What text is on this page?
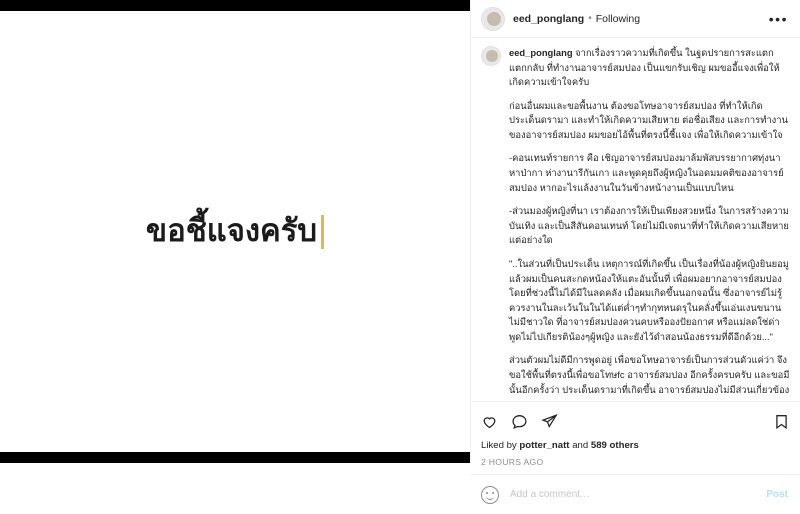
ขอชี้แจงครับ
eed_ponglang • Following	•••
eed_ponglang จากเรื่องราวความที่เกิดขึ้น ในฐดปรายการสะแตกแตกกลับ ที่ทำงานอาจารย์สมปอง เป็นแขกรับเชิญ ผมขออี้แจงเพื่อให้เกิดความเข้าใจครับ
ก่อนอื่นผมและขอพื้นงาน ต้องขอโทษอาจารย์สมปอง ที่ทำให้เกิดประเด็นดรามา และทำให้เกิดความเสียหาย ต่อชื่อเสียง และการทำงาน ของอาจารย์สมปอง ผมขอยไอ้พื้นที่ตรงนี้ชี้แจง เพื่อให้เกิดความเข้าใจ
-คอนเทนท์รายการ คือ เชิญอาจารย์สมปองมาล้มพัสบรรยากาศทุ่งนาหาป่ากา ห่างานารีกันเกา และพูดคุยถึงผู้หญิงในอดมมคติของอาจารย์สมปอง หากอะไรแล้งงานในวันข้างหน้างานเป็นแบบไหน
-ส่วนมองผู้หญิงที่นา เราต้องการให้เป็นเพียงสวยหนึ่ง ในการสร้างความบันเทิง และเป็นสีสันคอนเทนท์ โดยไม่มีเจตนาที่ทำให้เกิดความเสียหายแต่อย่างใด
"..ในส่วนที่เป็นประเด็น เหตุการณ์ที่เกิดขึ้น เป็นเรื่องที่น้องผู้หญิงยินยอมู แล้วผมเป็นคนสะกดหน้องให้แตะอันนั้นที่ เพื่อผมอยากอาจารย์สมปอง โดยที่ช่วงนี้ไม่ได้มีในลดคลัง เมื่อผมเกิดขึ้นนอกจอนั้น ซึ่งอาจารย์ไม่รู้ควรงานในละเว้นในในได้แต่ค่ำๆทำกุทหนดรุในคลั่งขึ้นเอ่นเงนขนาน ไม่มีชาวใด ที่อาจารย์สมปองควนคบหรือองปัยอกาศ หรือแม่ลดใช่ด่าพูดไม่ไปเกียรติน้องๆผู้หญิง และยังไว้ดำสอนน้องธรรมที่ดีอีกด้วย..."
ส่วนตัวผมไม่ดีมีการพูดอยู่ เพื่อขอโทษอาจารย์เป็นการส่วนดัวแค่ว่า จึงขอใช้พื้นที่ตรงนี้เพื่อขอโทษfc อาจารย์สมปอง อีกครั้งครบครับ และขอมีนั้นอีกครั้งว่า ประเด็นดรามาที่เกิดขึ้น อาจารย์สมปองไม่มีส่วนเกี่ยวข้อง
Liked by potter_natt and 589 others
2 HOURS AGO
Add a comment…
Post
